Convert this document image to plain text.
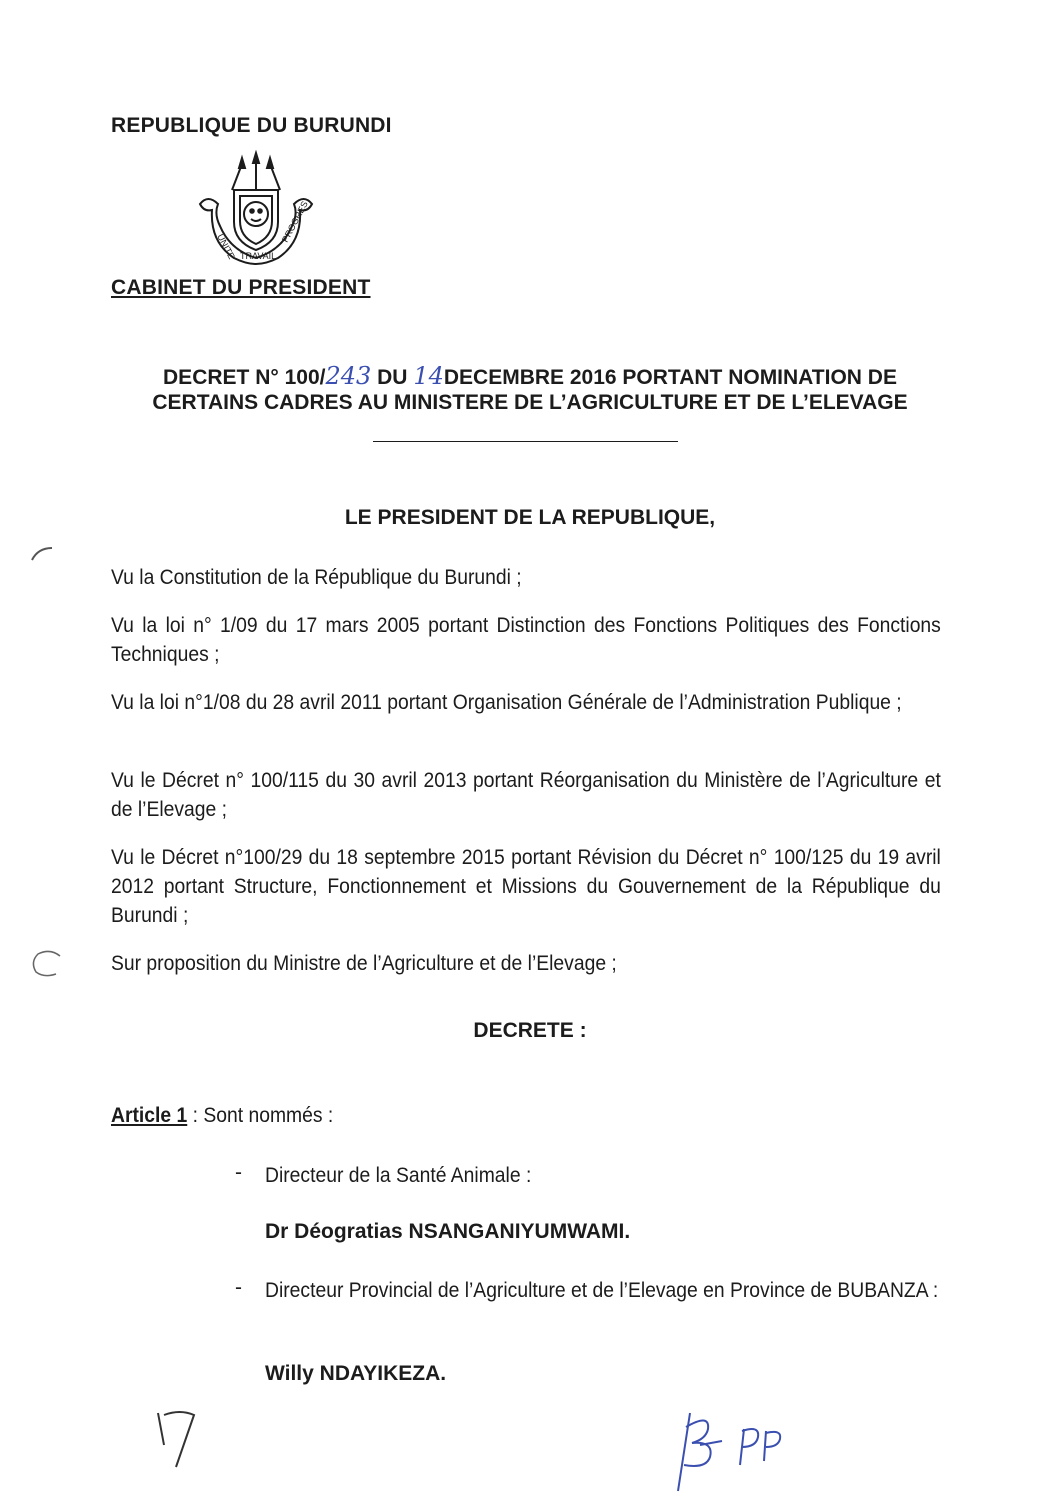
REPUBLIQUE DU BURUNDI
UNITE TRAVAIL
PROGRES
CABINET DU PRESIDENT
DECRET N° 100/243 DU 14DECEMBRE 2016 PORTANT NOMINATION DE
CERTAINS CADRES AU MINISTERE DE L’AGRICULTURE ET DE L’ELEVAGE
LE PRESIDENT DE LA REPUBLIQUE,
Vu la Constitution de la République du Burundi ;
Vu la loi n° 1/09 du 17 mars 2005 portant Distinction des Fonctions Politiques des Fonctions Techniques ;
Vu la loi n°1/08 du 28 avril 2011 portant Organisation Générale de l’Administration Publique ;
Vu le Décret n° 100/115 du 30 avril 2013 portant Réorganisation du Ministère de l’Agriculture et de l’Elevage ;
Vu le Décret n°100/29 du 18 septembre 2015 portant Révision du Décret n° 100/125 du 19 avril 2012 portant Structure, Fonctionnement et Missions du Gouvernement de la République du Burundi ;
Sur proposition du Ministre de l’Agriculture et de l’Elevage ;
DECRETE :
Article 1 : Sont nommés :
- Directeur de la Santé Animale :
Dr Déogratias NSANGANIYUMWAMI.
- Directeur Provincial de l’Agriculture et de l’Elevage en Province de BUBANZA :
Willy NDAYIKEZA.
